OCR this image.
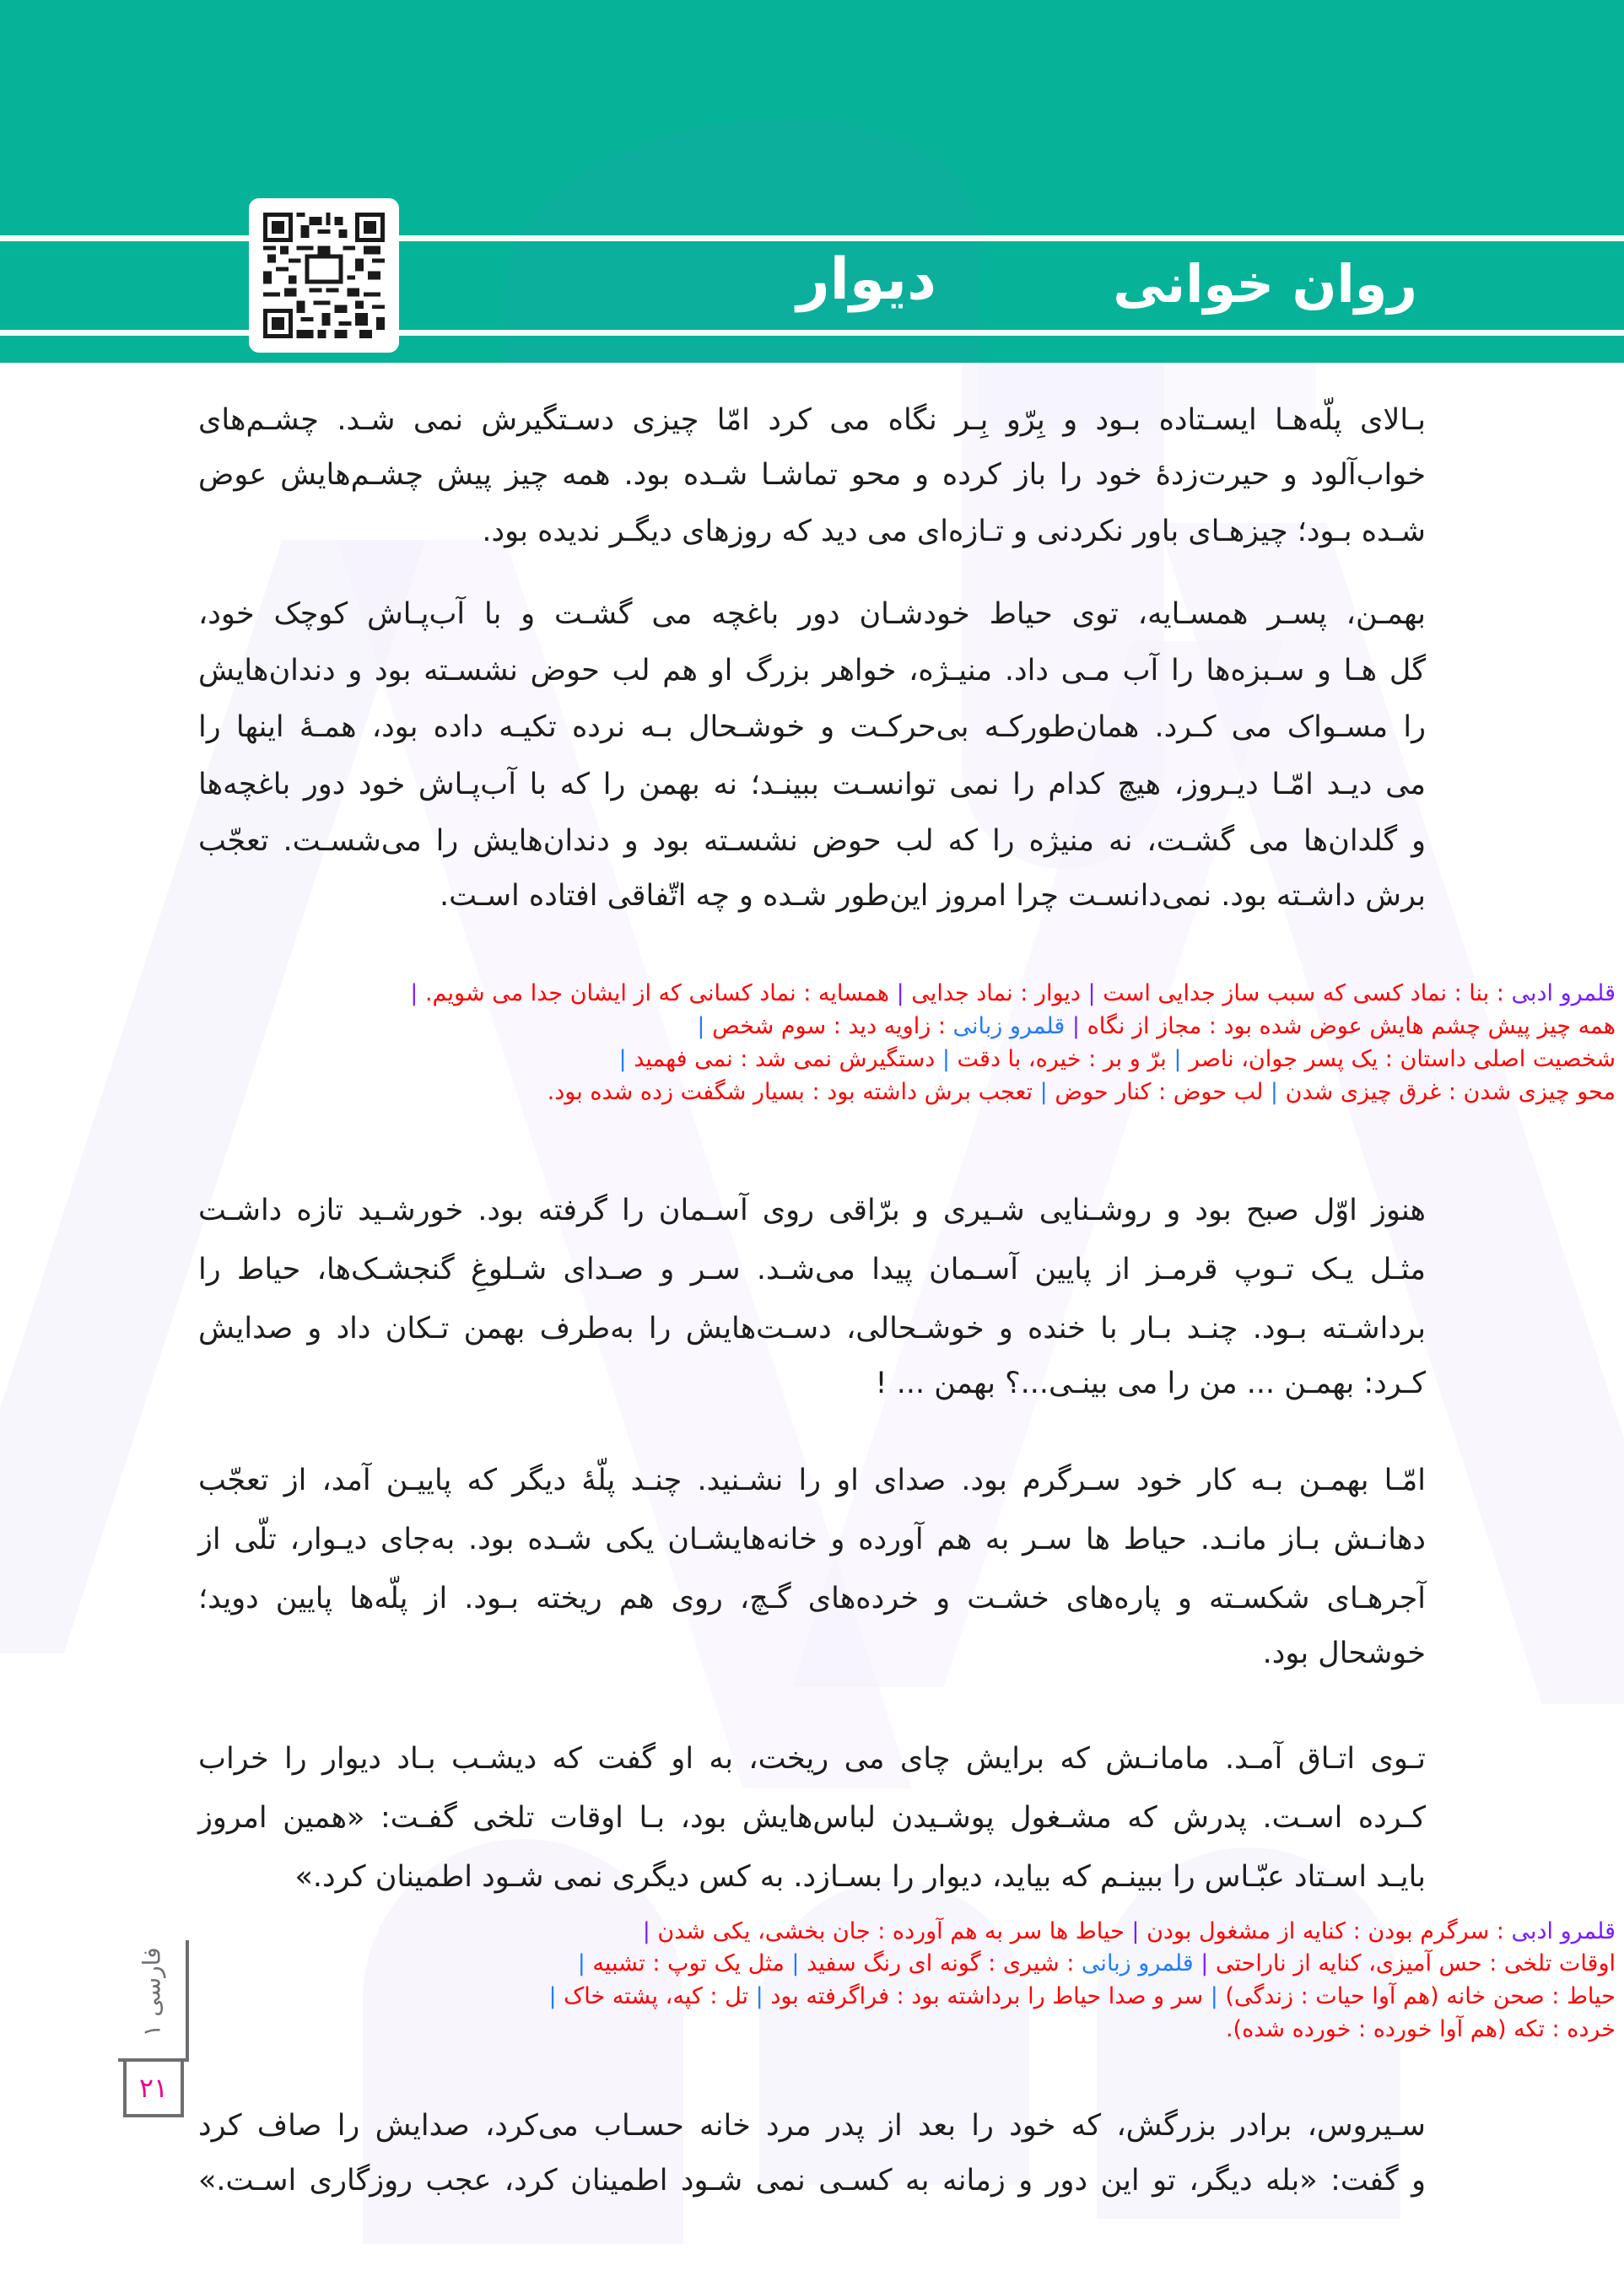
روان خوانی
دیوار
بـالای پلّه‌هـا ایسـتاده بـود و بِرّو بِـر نگاه می کرد امّا چیزی دسـتگیرش نمی شـد. چشـم‌های
خواب‌آلود و حیرت‌زدهٔ خود را باز کرده و محو تماشـا شـده بود. همه چیز پیش چشـم‌هایش عوض
شـده بـود؛ چیزهـای باور نکردنی و تـازه‌ای می دید که روزهای دیگـر ندیده بود.
بهمـن، پسـر همسـایه، توی حیاط خودشـان دور باغچه می گشـت و با آب‌پـاش کوچک خود،
گل هـا و سـبزه‌ها را آب مـی داد. منیـژه، خواهر بزرگ او هم لب حوض نشسـته بود و دندان‌هایش
را مسـواک می کـرد. همان‌طورکـه بی‌حرکـت و خوشـحال بـه نرده تکیـه داده بود، همـهٔ اینها را
می دیـد امّـا دیـروز، هیچ کدام را نمی توانسـت ببینـد؛ نه بهمن را که با آب‌پـاش خود دور باغچه‌ها
و گلدان‌ها می گشـت، نه منیژه را که لب حوض نشسـته بود و دندان‌هایش را می‌شسـت. تعجّب
برش داشـته بود. نمی‌دانسـت چرا امروز این‌طور شـده و چه اتّفاقی افتاده اسـت.
قلمرو ادبی : بنا : نماد کسی که سبب ساز جدایی است | دیوار : نماد جدایی | همسایه : نماد کسانی که از ایشان جدا می شویم. |
همه چیز پیش چشم هایش عوض شده بود : مجاز از نگاه | قلمرو زبانی : زاویه دید : سوم شخص |
شخصیت اصلی داستان : یک پسر جوان، ناصر | برّ و بر : خیره، با دقت | دستگیرش نمی شد : نمی فهمید |
محو چیزی شدن : غرق چیزی شدن | لب حوض : کنار حوض | تعجب برش داشته بود : بسیار شگفت زده شده بود.
هنوز اوّل صبح بود و روشـنایی شـیری و برّاقی روی آسـمان را گرفته بود. خورشـید تازه داشـت
مثـل یـک تـوپ قرمـز از پایین آسـمان پیدا می‌شـد. سـر و صـدای شـلوغِ گنجشـک‌ها، حیاط را
برداشـته بـود. چنـد بـار با خنده و خوشـحالی، دسـت‌هایش را به‌طرف بهمن تـکان داد و صدایش
کـرد: بهمـن ... من را می بینـی...؟ بهمن ... !
امّـا بهمـن بـه کار خود سـرگرم بود. صدای او را نشـنید. چنـد پلّهٔ دیگر که پاییـن آمد، از تعجّب
دهانـش بـاز مانـد. حیاط ها سـر به هم آورده و خانه‌هایشـان یکی شـده بود. به‌جای دیـوار، تلّی از
آجرهـای شکسـته و پاره‌های خشـت و خرده‌های گـچ، روی هم ریخته بـود. از پلّه‌ها پایین دوید؛
خوشحال بود.
تـوی اتـاق آمـد. مامانـش که برایش چای می ریخت، به او گفت که دیشـب بـاد دیوار را خراب
کـرده اسـت. پدرش که مشـغول پوشـیدن لباس‌هایش بود، بـا اوقات تلخی گفـت: «همین امروز
بایـد اسـتاد عبّـاس را ببینـم که بیاید، دیوار را بسـازد. به کس دیگری نمی شـود اطمینان کرد.»
قلمرو ادبی : سرگرم بودن : کنایه از مشغول بودن | حیاط ها سر به هم آورده : جان بخشی، یکی شدن |
اوقات تلخی : حس آمیزی، کنایه از ناراحتی | قلمرو زبانی : شیری : گونه ای رنگ سفید | مثل یک توپ : تشبیه |
حیاط : صحن خانه (هم آوا حیات : زندگی) | سر و صدا حیاط را برداشته بود : فراگرفته بود | تل : کپه، پشته خاک |
خرده : تکه (هم آوا خورده : خورده شده).
سـیروس، برادر بزرگش، که خود را بعد از پدر مرد خانه حسـاب می‌کرد، صدایش را صاف کرد
و گفت: «بله دیگر، تو این دور و زمانه به کسـی نمی شـود اطمینان کرد، عجب روزگاری اسـت.»
فارسی ۱
۲۱
